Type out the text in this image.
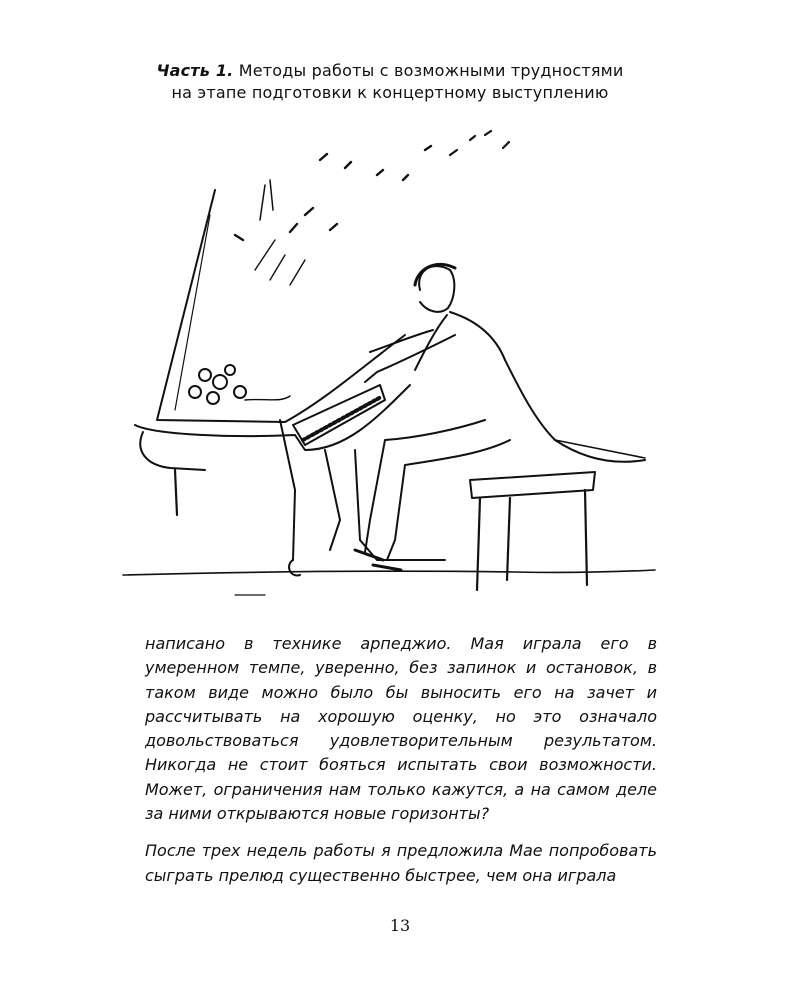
Часть 1. Методы работы с возможными трудностями
на этапе подготовки к концертному выступлению

написано в технике арпеджио. Мая играла его в умеренном темпе, уверенно, без запинок и остановок, в таком виде можно было бы выносить его на зачет и рассчитывать на хорошую оценку, но это означало довольствоваться удовлетворительным результатом. Никогда не стоит бояться испытать свои возможности. Может, ограничения нам только кажутся, а на самом деле за ними открываются новые горизонты?

После трех недель работы я предложила Мае попробовать сыграть прелюд существенно быстрее, чем она играла

13
